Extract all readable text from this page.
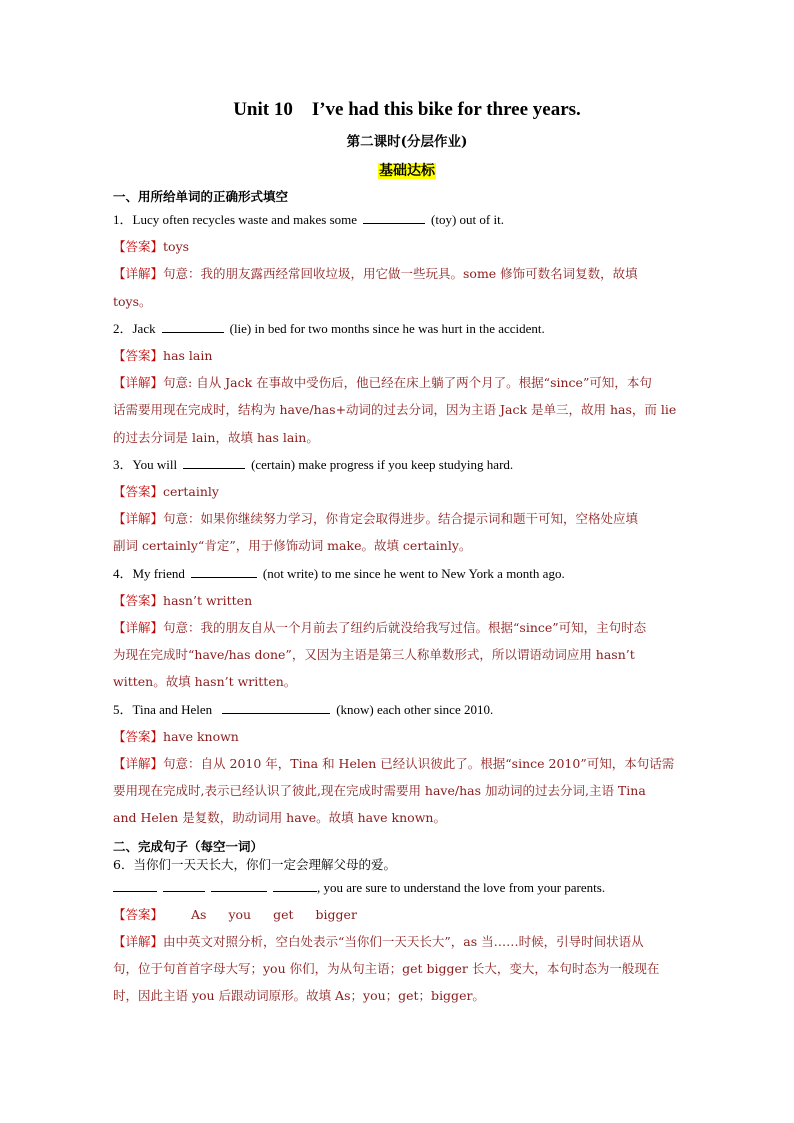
Unit 10　I’ve had this bike for three years.
第二课时(分层作业)
基础达标
一、用所给单词的正确形式填空
1．Lucy often recycles waste and makes some	(toy) out of it.
【答案】toys
【详解】句意：我的朋友露西经常回收垃圾，用它做一些玩具。some 修饰可数名词复数，故填
toys。
2．Jack	(lie) in bed for two months since he was hurt in the accident.
【答案】has lain
【详解】句意: 自从 Jack 在事故中受伤后，他已经在床上躺了两个月了。根据“since”可知，本句
话需要用现在完成时，结构为 have/has+动词的过去分词，因为主语 Jack 是单三，故用 has，而 lie
的过去分词是 lain，故填 has lain。
3．You will	(certain) make progress if you keep studying hard.
【答案】certainly
【详解】句意：如果你继续努力学习，你肯定会取得进步。结合提示词和题干可知，空格处应填
副词 certainly“肯定”，用于修饰动词 make。故填 certainly。
4．My friend	(not write) to me since he went to New York a month ago.
【答案】hasn’t written
【详解】句意：我的朋友自从一个月前去了纽约后就没给我写过信。根据“since”可知，主句时态
为现在完成时“have/has done”，又因为主语是第三人称单数形式，所以谓语动词应用 hasn’t
witten。故填 hasn’t written。
5．Tina and Helen	(know) each other since 2010.
【答案】have known
【详解】句意：自从 2010 年，Tina 和 Helen 已经认识彼此了。根据“since 2010”可知，本句话需
要用现在完成时,表示已经认识了彼此,现在完成时需要用 have/has 加动词的过去分词,主语 Tina
and Helen 是复数，助动词用 have。故填 have known。
二、完成句子（每空一词）
6．当你们一天天长大，你们一定会理解父母的爱。
, you are sure to understand the love from your parents.
【答案】 As you get bigger
【详解】由中英文对照分析，空白处表示“当你们一天天长大”，as 当……时候，引导时间状语从
句，位于句首首字母大写；you 你们，为从句主语；get bigger 长大，变大，本句时态为一般现在
时，因此主语 you 后跟动词原形。故填 As；you；get；bigger。
